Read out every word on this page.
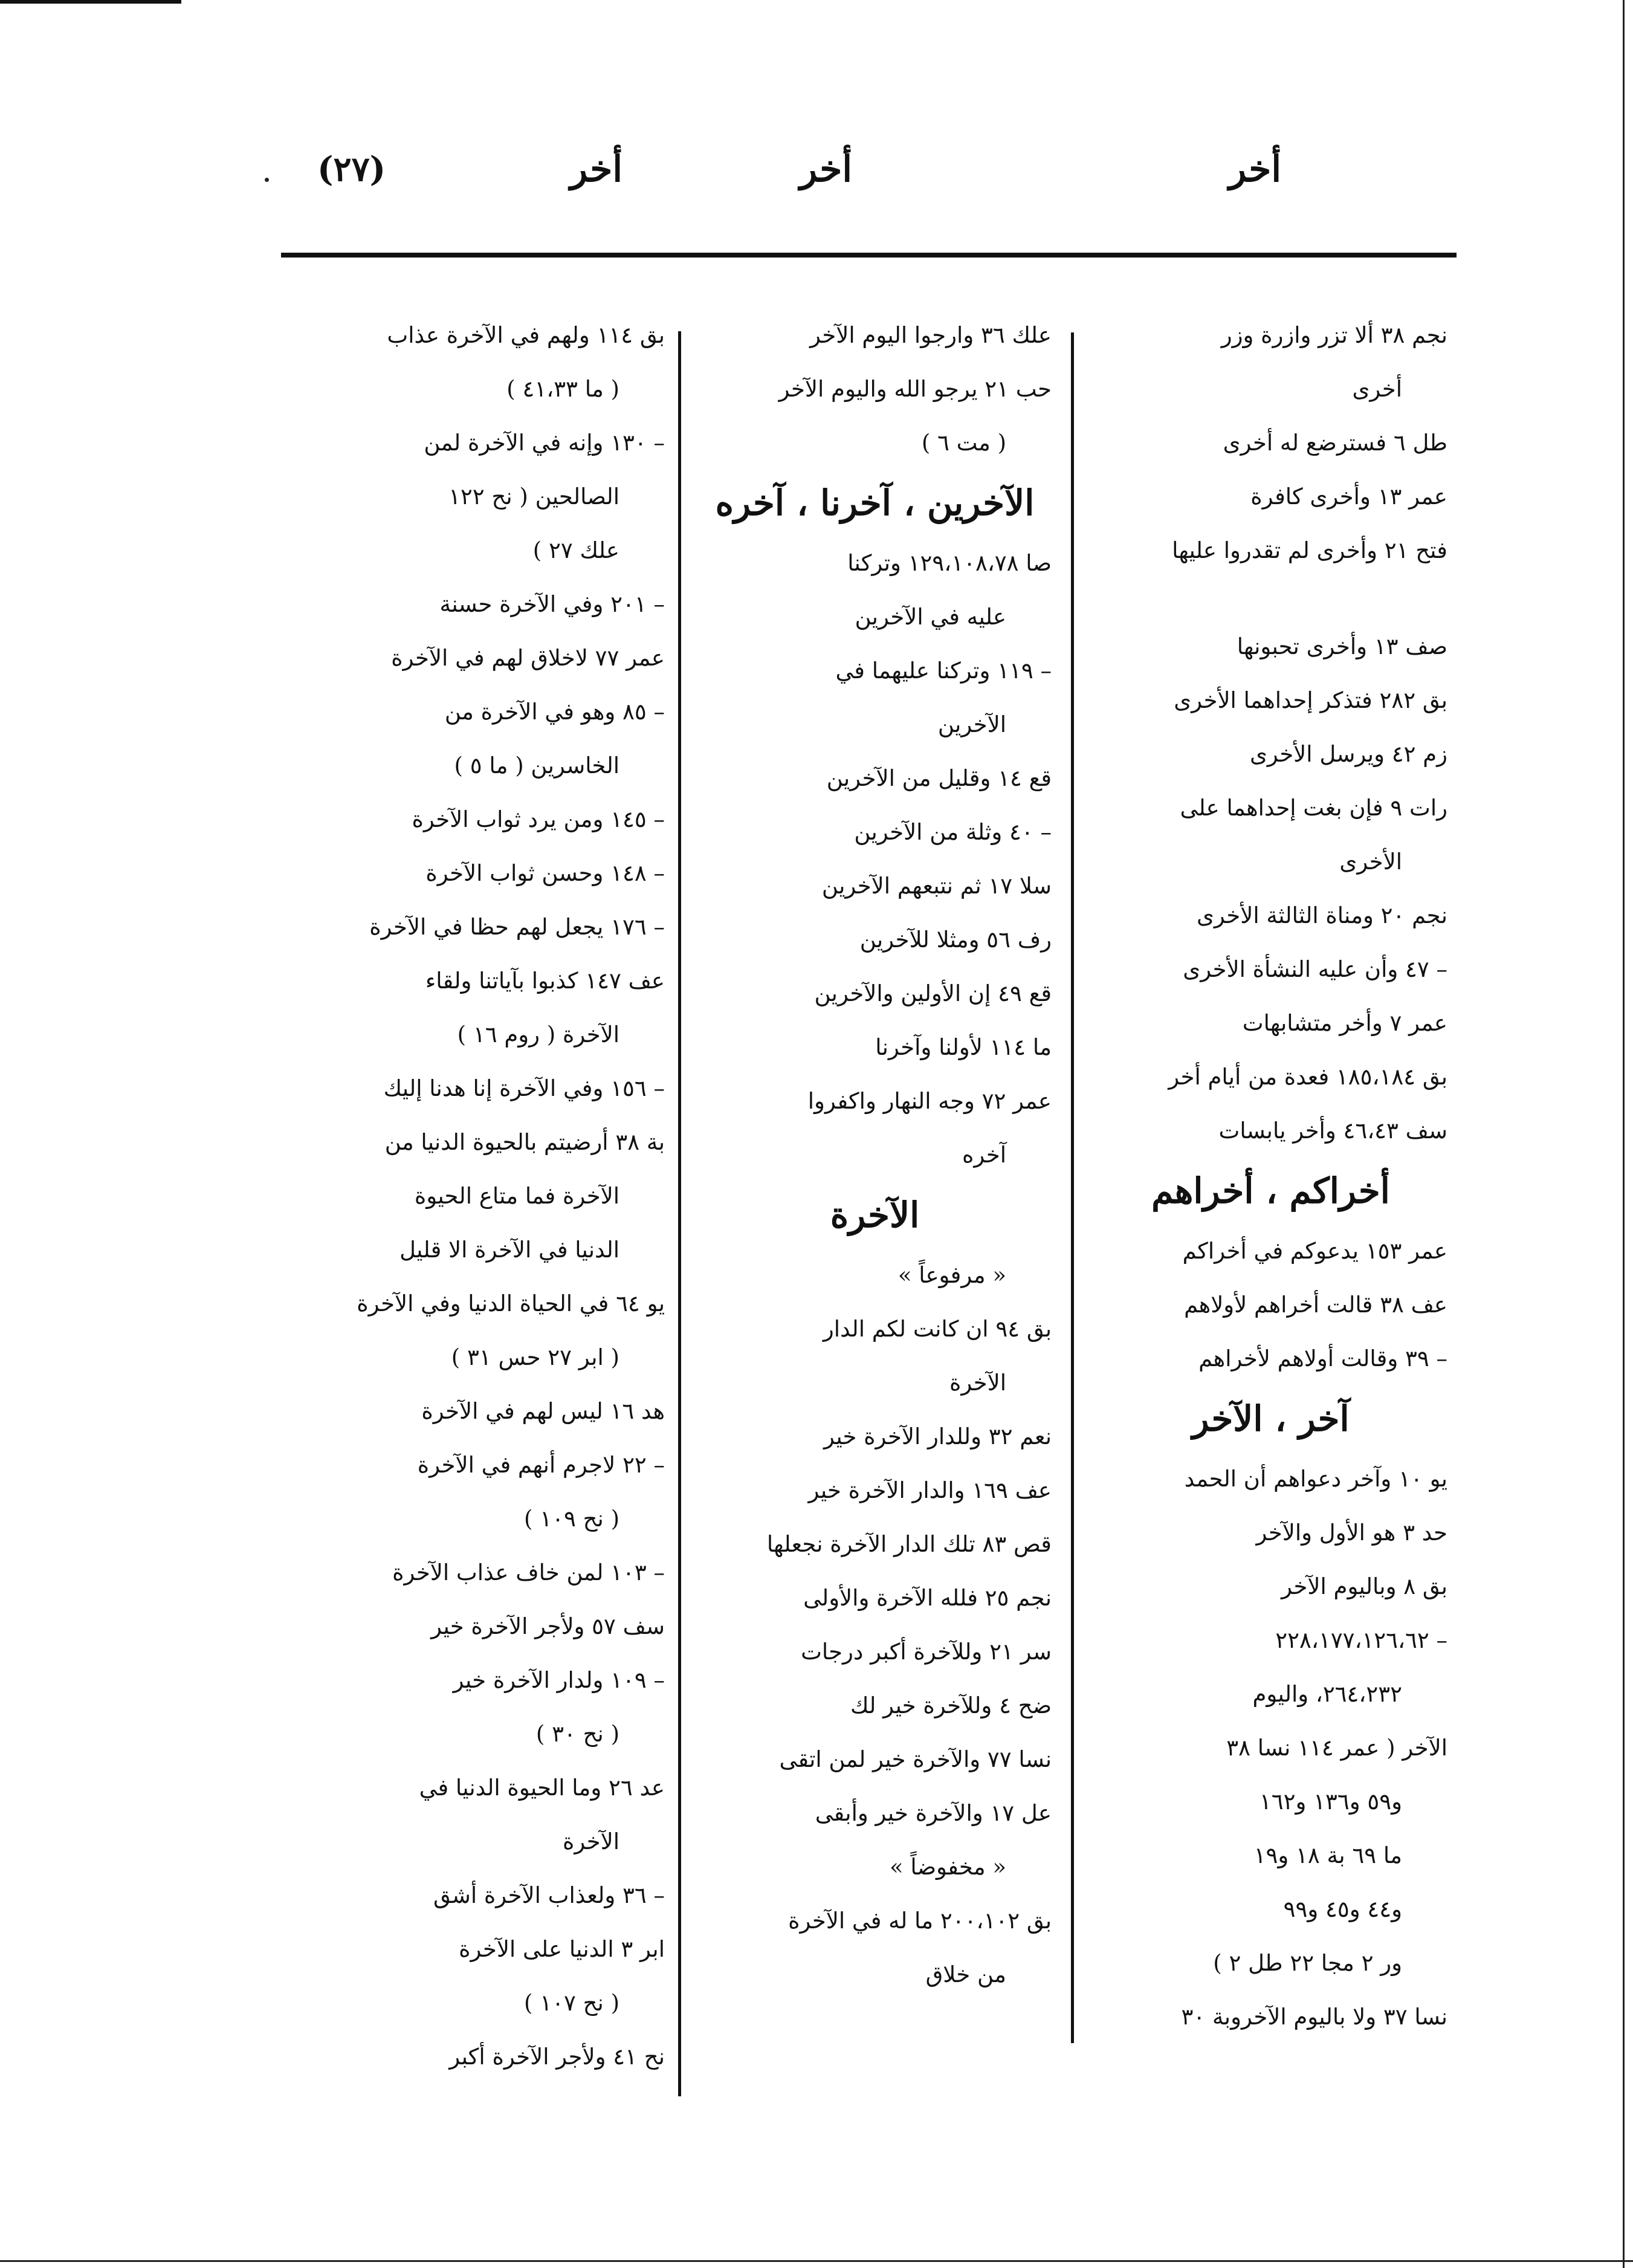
أخر
أخر
أخر
(٢٧)
نجم ٣٨ ألا تزر وازرة وزر
أخرى
طل ٦ فسترضع له أخرى
عمر ١٣ وأخرى كافرة
فتح ٢١ وأخرى لم تقدروا عليها
صف ١٣ وأخرى تحبونها
بق ٢٨٢ فتذكر إحداهما الأخرى
زم ٤٢ ويرسل الأخرى
رات ٩ فإن بغت إحداهما على
الأخرى
نجم ٢٠ ومناة الثالثة الأخرى
– ٤٧ وأن عليه النشأة الأخرى
عمر ٧ وأخر متشابهات
بق ١٨٥،١٨٤ فعدة من أيام أخر
سف ٤٦،٤٣ وأخر يابسات
أخراكم ، أخراهم
عمر ١٥٣ يدعوكم في أخراكم
عف ٣٨ قالت أخراهم لأولاهم
– ٣٩ وقالت أولاهم لأخراهم
آخر ، الآخر
يو ١٠ وآخر دعواهم أن الحمد
حد ٣ هو الأول والآخر
بق ٨ وباليوم الآخر
– ٢٢٨،١٧٧،١٢٦،٦٢
٢٦٤،٢٣٢، واليوم
الآخر ( عمر ١١٤ نسا ٣٨
و٥٩ و١٣٦ و١٦٢
ما ٦٩ بة ١٨ و١٩
و٤٤ و٤٥ و٩٩
ور ٢ مجا ٢٢ طل ٢ )
نسا ٣٧ ولا باليوم الآخروبة ٣٠
علك ٣٦ وارجوا اليوم الآخر
حب ٢١ يرجو الله واليوم الآخر
( مت ٦ )
الآخرين ، آخرنا ، آخره
صا ١٢٩،١٠٨،٧٨ وتركنا
عليه في الآخرين
– ١١٩ وتركنا عليهما في
الآخرين
قع ١٤ وقليل من الآخرين
– ٤٠ وثلة من الآخرين
سلا ١٧ ثم نتبعهم الآخرين
رف ٥٦ ومثلا للآخرين
قع ٤٩ إن الأولين والآخرين
ما ١١٤ لأولنا وآخرنا
عمر ٧٢ وجه النهار واكفروا
آخره
الآخرة
« مرفوعاً »
بق ٩٤ ان كانت لكم الدار
الآخرة
نعم ٣٢ وللدار الآخرة خير
عف ١٦٩ والدار الآخرة خير
قص ٨٣ تلك الدار الآخرة نجعلها
نجم ٢٥ فلله الآخرة والأولى
سر ٢١ وللآخرة أكبر درجات
ضح ٤ وللآخرة خير لك
نسا ٧٧ والآخرة خير لمن اتقى
عل ١٧ والآخرة خير وأبقى
« مخفوضاً »
بق ٢٠٠،١٠٢ ما له في الآخرة
من خلاق
بق ١١٤ ولهم في الآخرة عذاب
( ما ٤١،٣٣ )
– ١٣٠ وإنه في الآخرة لمن
الصالحين ( نح ١٢٢
علك ٢٧ )
– ٢٠١ وفي الآخرة حسنة
عمر ٧٧ لاخلاق لهم في الآخرة
– ٨٥ وهو في الآخرة من
الخاسرين ( ما ٥ )
– ١٤٥ ومن يرد ثواب الآخرة
– ١٤٨ وحسن ثواب الآخرة
– ١٧٦ يجعل لهم حظا في الآخرة
عف ١٤٧ كذبوا بآياتنا ولقاء
الآخرة ( روم ١٦ )
– ١٥٦ وفي الآخرة إنا هدنا إليك
بة ٣٨ أرضيتم بالحيوة الدنيا من
الآخرة فما متاع الحيوة
الدنيا في الآخرة الا قليل
يو ٦٤ في الحياة الدنيا وفي الآخرة
( ابر ٢٧ حس ٣١ )
هد ١٦ ليس لهم في الآخرة
– ٢٢ لاجرم أنهم في الآخرة
( نح ١٠٩ )
– ١٠٣ لمن خاف عذاب الآخرة
سف ٥٧ ولأجر الآخرة خير
– ١٠٩ ولدار الآخرة خير
( نح ٣٠ )
عد ٢٦ وما الحيوة الدنيا في
الآخرة
– ٣٦ ولعذاب الآخرة أشق
ابر ٣ الدنيا على الآخرة
( نح ١٠٧ )
نح ٤١ ولأجر الآخرة أكبر
